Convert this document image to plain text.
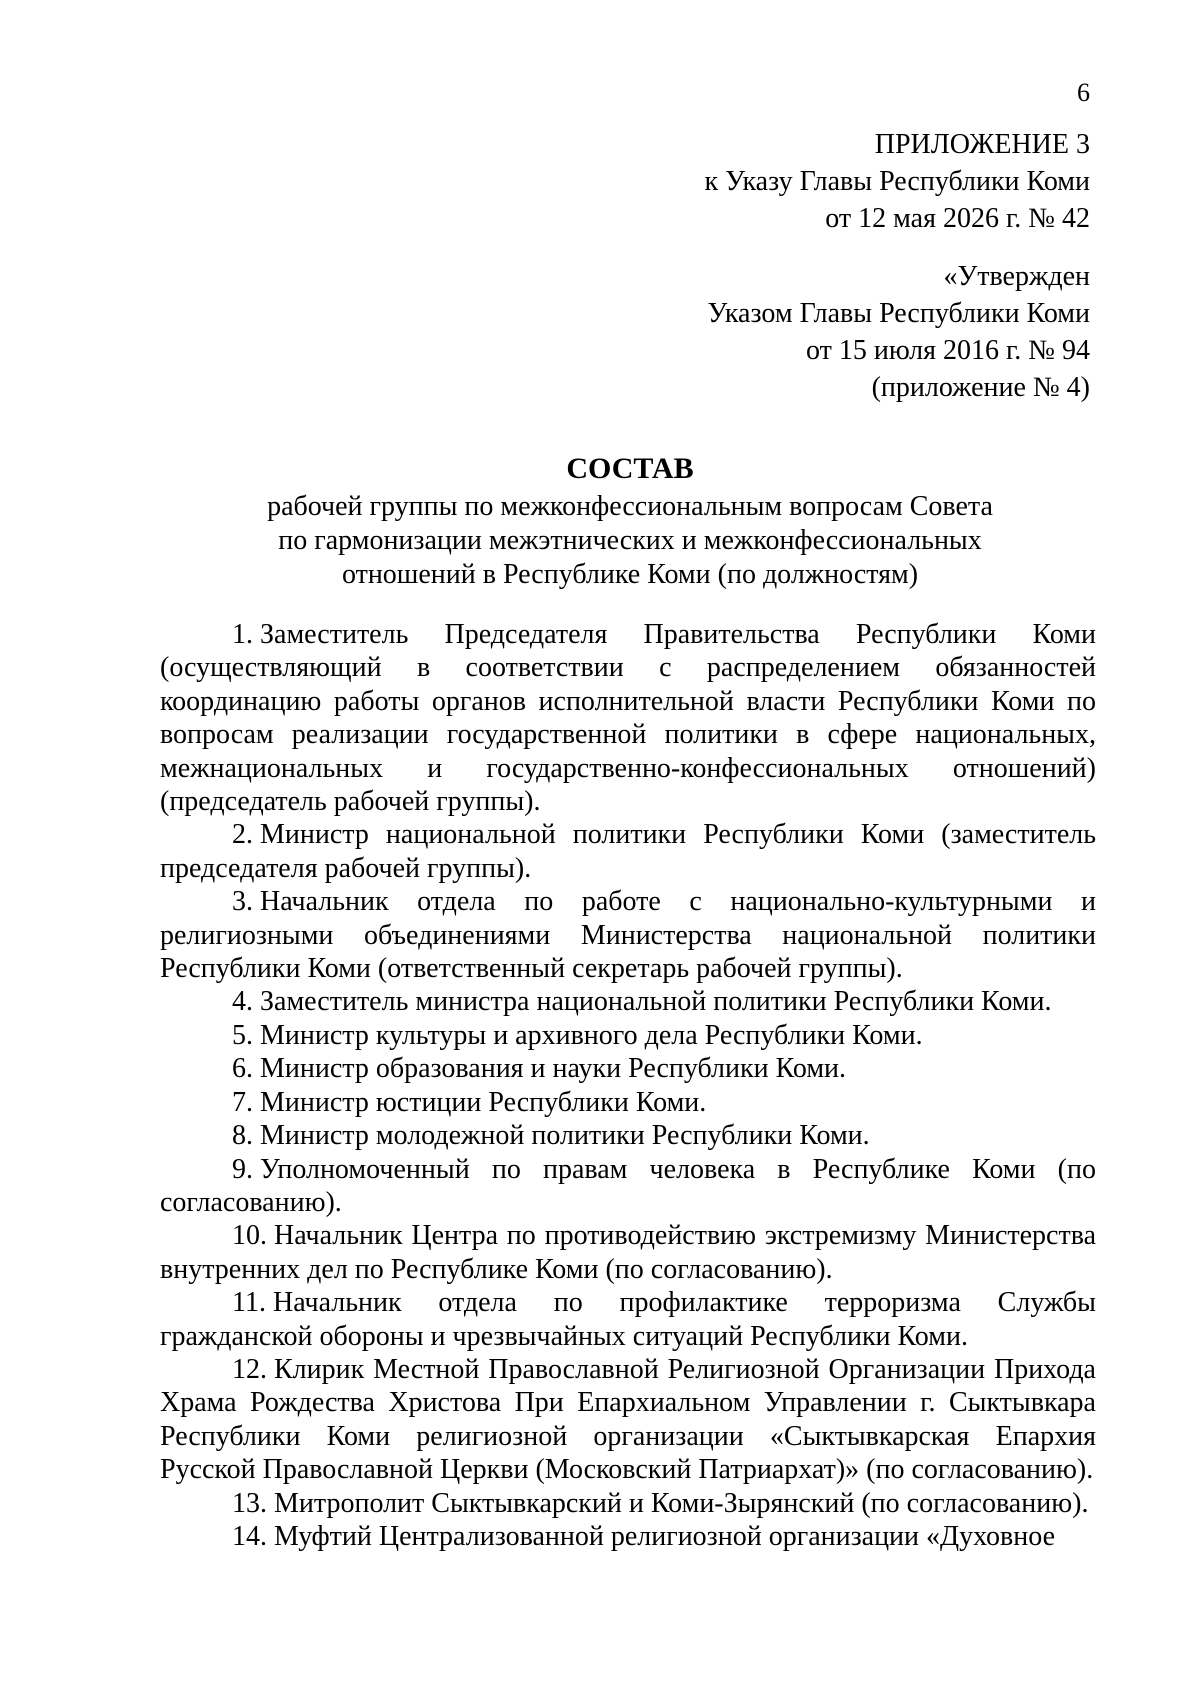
6
ПРИЛОЖЕНИЕ 3
к Указу Главы Республики Коми
от 12 мая 2026 г. № 42
«Утвержден
Указом Главы Республики Коми
от 15 июля 2016 г. № 94
(приложение № 4)
СОСТАВ
рабочей группы по межконфессиональным вопросам Совета
по гармонизации межэтнических и межконфессиональных
отношений в Республике Коми (по должностям)

1. Заместитель Председателя Правительства Республики Коми (осуществляющий в соответствии с распределением обязанностей координацию работы органов исполнительной власти Республики Коми по вопросам реализации государственной политики в сфере национальных, межнациональных и государственно-конфессиональных отношений) (председатель рабочей группы).

2. Министр национальной политики Республики Коми (заместитель председателя рабочей группы).

3. Начальник отдела по работе с национально-культурными и религиозными объединениями Министерства национальной политики Республики Коми (ответственный секретарь рабочей группы).

4. Заместитель министра национальной политики Республики Коми.

5. Министр культуры и архивного дела Республики Коми.

6. Министр образования и науки Республики Коми.

7. Министр юстиции Республики Коми.

8. Министр молодежной политики Республики Коми.

9. Уполномоченный по правам человека в Республике Коми (по согласованию).

10. Начальник Центра по противодействию экстремизму Министерства внутренних дел по Республике Коми (по согласованию).

11. Начальник отдела по профилактике терроризма Службы гражданской обороны и чрезвычайных ситуаций Республики Коми.

12. Клирик Местной Православной Религиозной Организации Прихода Храма Рождества Христова При Епархиальном Управлении г. Сыктывкара Республики Коми религиозной организации «Сыктывкарская Епархия Русской Православной Церкви (Московский Патриархат)» (по согласованию).

13. Митрополит Сыктывкарский и Коми-Зырянский (по согласованию).

14. Муфтий Централизованной религиозной организации «Духовное
